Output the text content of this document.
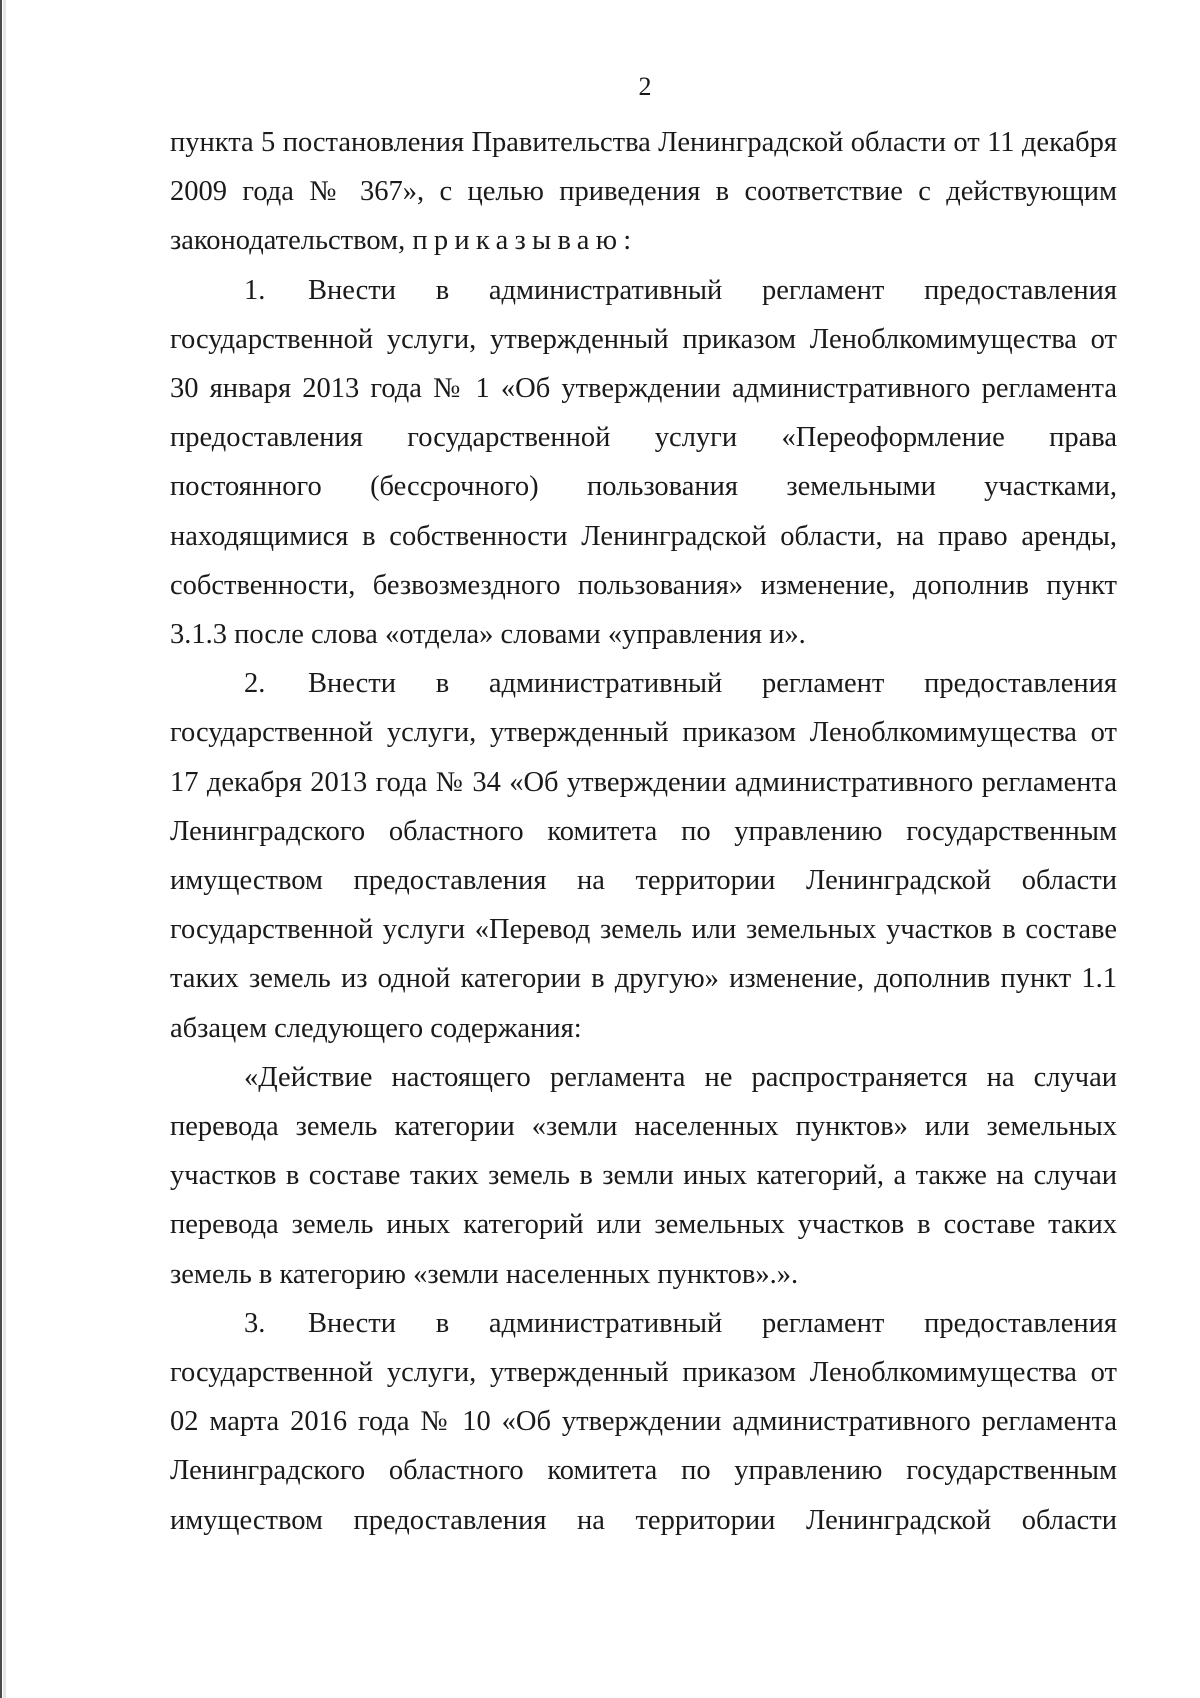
2
пункта 5 постановления Правительства Ленинградской области от 11 декабря
2009 года № 367», с целью приведения в соответствие с действующим
законодательством, приказываю:
1. Внести в административный регламент предоставления
государственной услуги, утвержденный приказом Леноблкомимущества от
30 января 2013 года № 1 «Об утверждении административного регламента
предоставления государственной услуги «Переоформление права
постоянного (бессрочного) пользования земельными участками,
находящимися в собственности Ленинградской области, на право аренды,
собственности, безвозмездного пользования» изменение, дополнив пункт
3.1.3 после слова «отдела» словами «управления и».
2. Внести в административный регламент предоставления
государственной услуги, утвержденный приказом Леноблкомимущества от
17 декабря 2013 года № 34 «Об утверждении административного регламента
Ленинградского областного комитета по управлению государственным
имуществом предоставления на территории Ленинградской области
государственной услуги «Перевод земель или земельных участков в составе
таких земель из одной категории в другую» изменение, дополнив пункт 1.1
абзацем следующего содержания:
«Действие настоящего регламента не распространяется на случаи
перевода земель категории «земли населенных пунктов» или земельных
участков в составе таких земель в земли иных категорий, а также на случаи
перевода земель иных категорий или земельных участков в составе таких
земель в категорию «земли населенных пунктов».».
3. Внести в административный регламент предоставления
государственной услуги, утвержденный приказом Леноблкомимущества от
02 марта 2016 года № 10 «Об утверждении административного регламента
Ленинградского областного комитета по управлению государственным
имуществом предоставления на территории Ленинградской области
